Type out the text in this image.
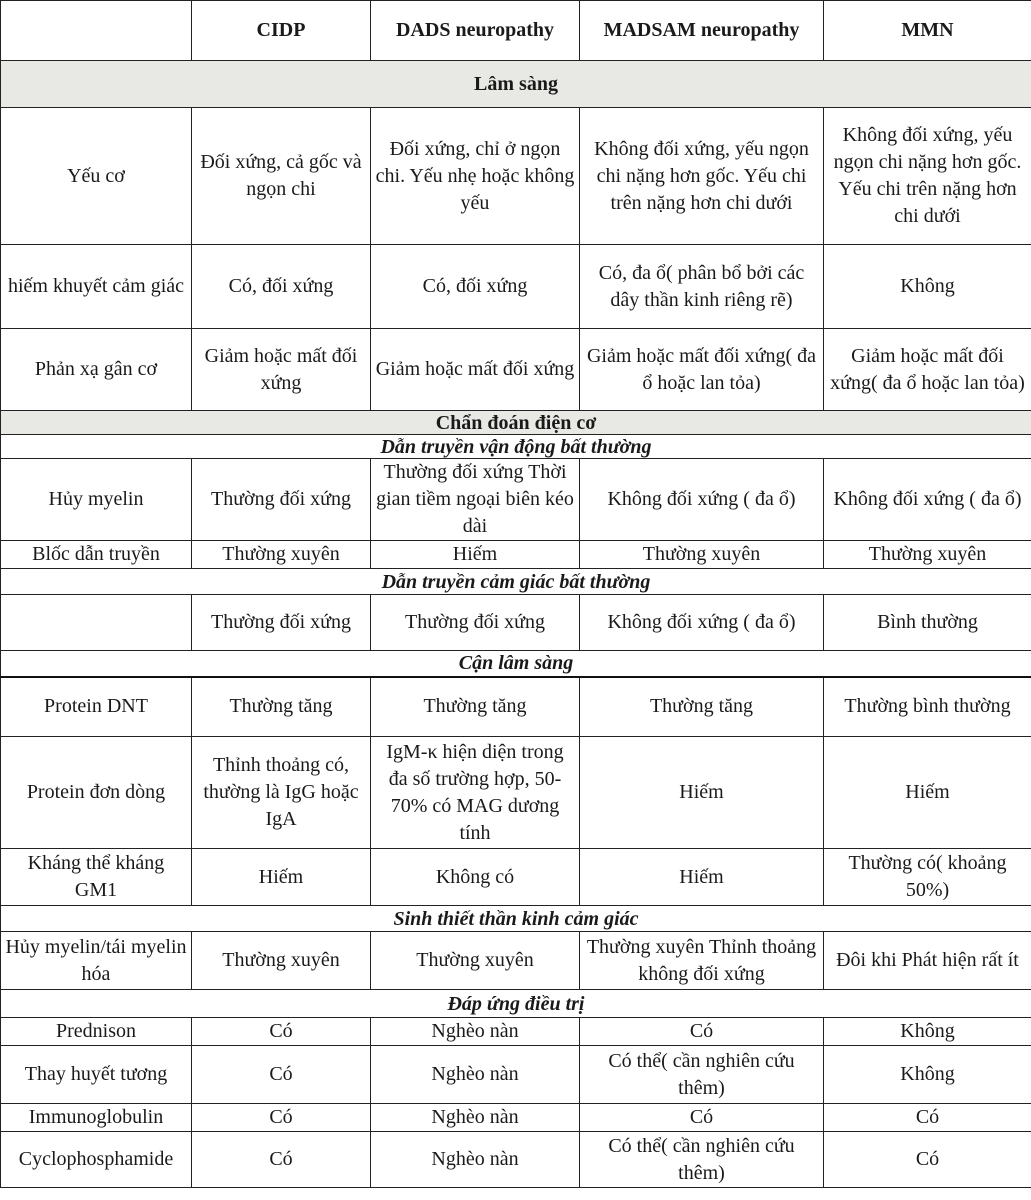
	CIDP	DADS neuropathy	MADSAM neuropathy	MMN
Lâm sàng				
Yếu cơ	Đối xứng, cả gốc và ngọn chi	Đối xứng, chỉ ở ngọn chi. Yếu nhẹ hoặc không yếu	Không đối xứng, yếu ngọn chi nặng hơn gốc. Yếu chi trên nặng hơn chi dưới	Không đối xứng, yếu ngọn chi nặng hơn gốc. Yếu chi trên nặng hơn chi dưới
hiếm khuyết cảm giác	Có, đối xứng	Có, đối xứng	Có, đa ổ( phân bổ bởi các dây thần kinh riêng rẽ)	Không
Phản xạ gân cơ	Giảm hoặc mất đối xứng	Giảm hoặc mất đối xứng	Giảm hoặc mất đối xứng( đa ổ hoặc lan tỏa)	Giảm hoặc mất đối xứng( đa ổ hoặc lan tỏa)
Chẩn đoán điện cơ				
Dẫn truyền vận động bất thường				
Hủy myelin	Thường đối xứng	Thường đối xứng Thời gian tiềm ngoại biên kéo dài	Không đối xứng ( đa ổ)	Không đối xứng ( đa ổ)
Blốc dẫn truyền	Thường xuyên	Hiếm	Thường xuyên	Thường xuyên
Dẫn truyền cảm giác bất thường				
	Thường đối xứng	Thường đối xứng	Không đối xứng ( đa ổ)	Bình thường
Cận lâm sàng				
Protein DNT	Thường tăng	Thường tăng	Thường tăng	Thường bình thường
Protein đơn dòng	Thỉnh thoảng có, thường là IgG hoặc IgA	IgM-κ hiện diện trong đa số trường hợp, 50-70% có MAG dương tính	Hiếm	Hiếm
Kháng thể kháng GM1	Hiếm	Không có	Hiếm	Thường có( khoảng 50%)
Sinh thiết thần kinh cảm giác				
Hủy myelin/tái myelin hóa	Thường xuyên	Thường xuyên	Thường xuyên Thỉnh thoảng không đối xứng	Đôi khi Phát hiện rất ít
Đáp ứng điều trị				
Prednison	Có	Nghèo nàn	Có	Không
Thay huyết tương	Có	Nghèo nàn	Có thể( cần nghiên cứu thêm)	Không
Immunoglobulin	Có	Nghèo nàn	Có	Có
Cyclophosphamide	Có	Nghèo nàn	Có thể( cần nghiên cứu thêm)	Có
